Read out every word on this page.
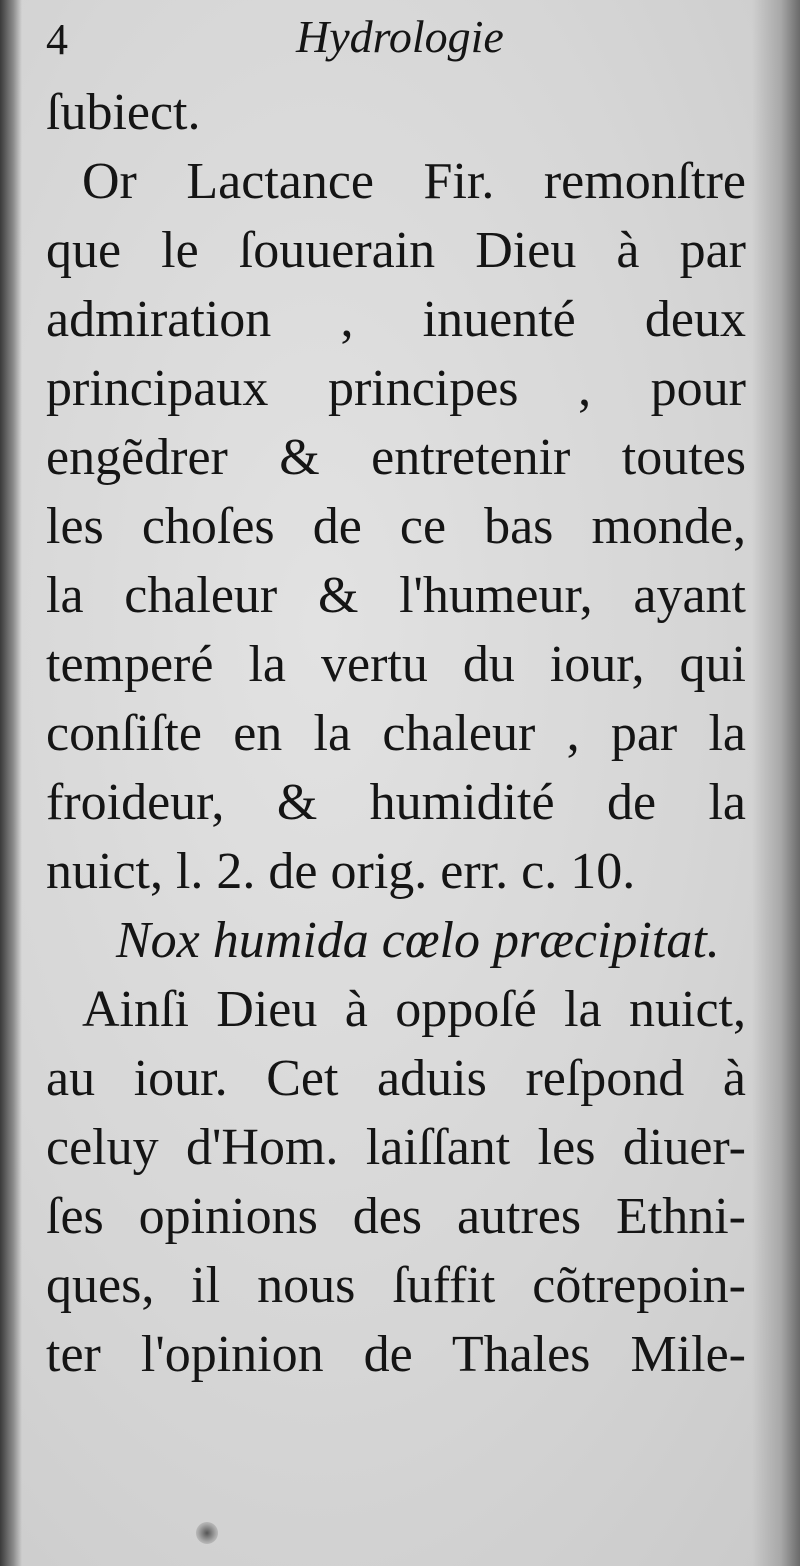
4	Hydrologie
ſubiect.
Or Lactance Fir. remonſtre
que le ſouuerain Dieu à par
admiration , inuenté deux
principaux principes , pour
engẽdrer & entretenir toutes
les choſes de ce bas monde,
la chaleur & l'humeur, ayant
temperé la vertu du iour, qui
conſiſte en la chaleur , par la
froideur, & humidité de la
nuict, l. 2. de orig. err. c. 10.
Nox humida cœlo præcipitat.
Ainſi Dieu à oppoſé la nuict,
au iour. Cet aduis reſpond à
celuy d'Hom. laiſſant les diuer-
ſes opinions des autres Ethni-
ques, il nous ſuffit cõtrepoin-
ter l'opinion de Thales Mile-
